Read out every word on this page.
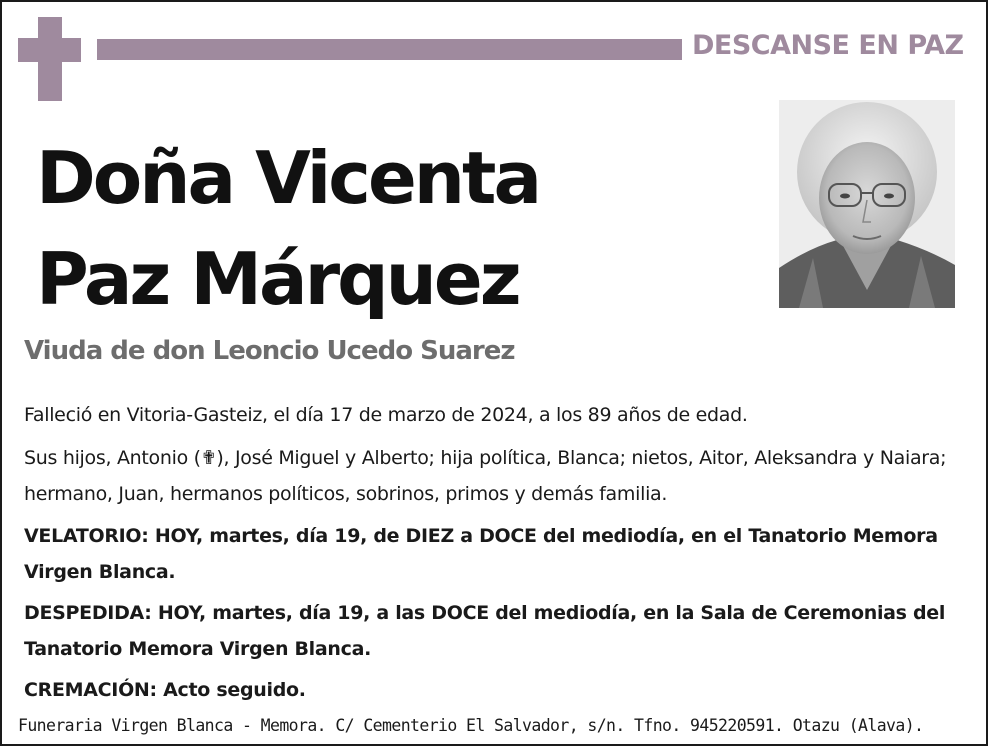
DESCANSE EN PAZ
Doña Vicenta
Paz Márquez
Viuda de don Leoncio Ucedo Suarez
Falleció en Vitoria-Gasteiz, el día 17 de marzo de 2024, a los 89 años de edad.
Sus hijos, Antonio (✟), José Miguel y Alberto; hija política, Blanca; nietos, Aitor, Aleksandra y Naiara; hermano, Juan, hermanos políticos, sobrinos, primos y demás familia.
VELATORIO: HOY, martes, día 19, de DIEZ a DOCE del mediodía, en el Tanatorio Memora Virgen Blanca.
DESPEDIDA: HOY, martes, día 19, a las DOCE del mediodía, en la Sala de Ceremonias del Tanatorio Memora Virgen Blanca.
CREMACIÓN: Acto seguido.
Funeraria Virgen Blanca - Memora. C/ Cementerio El Salvador, s/n. Tfno. 945220591. Otazu (Alava).
